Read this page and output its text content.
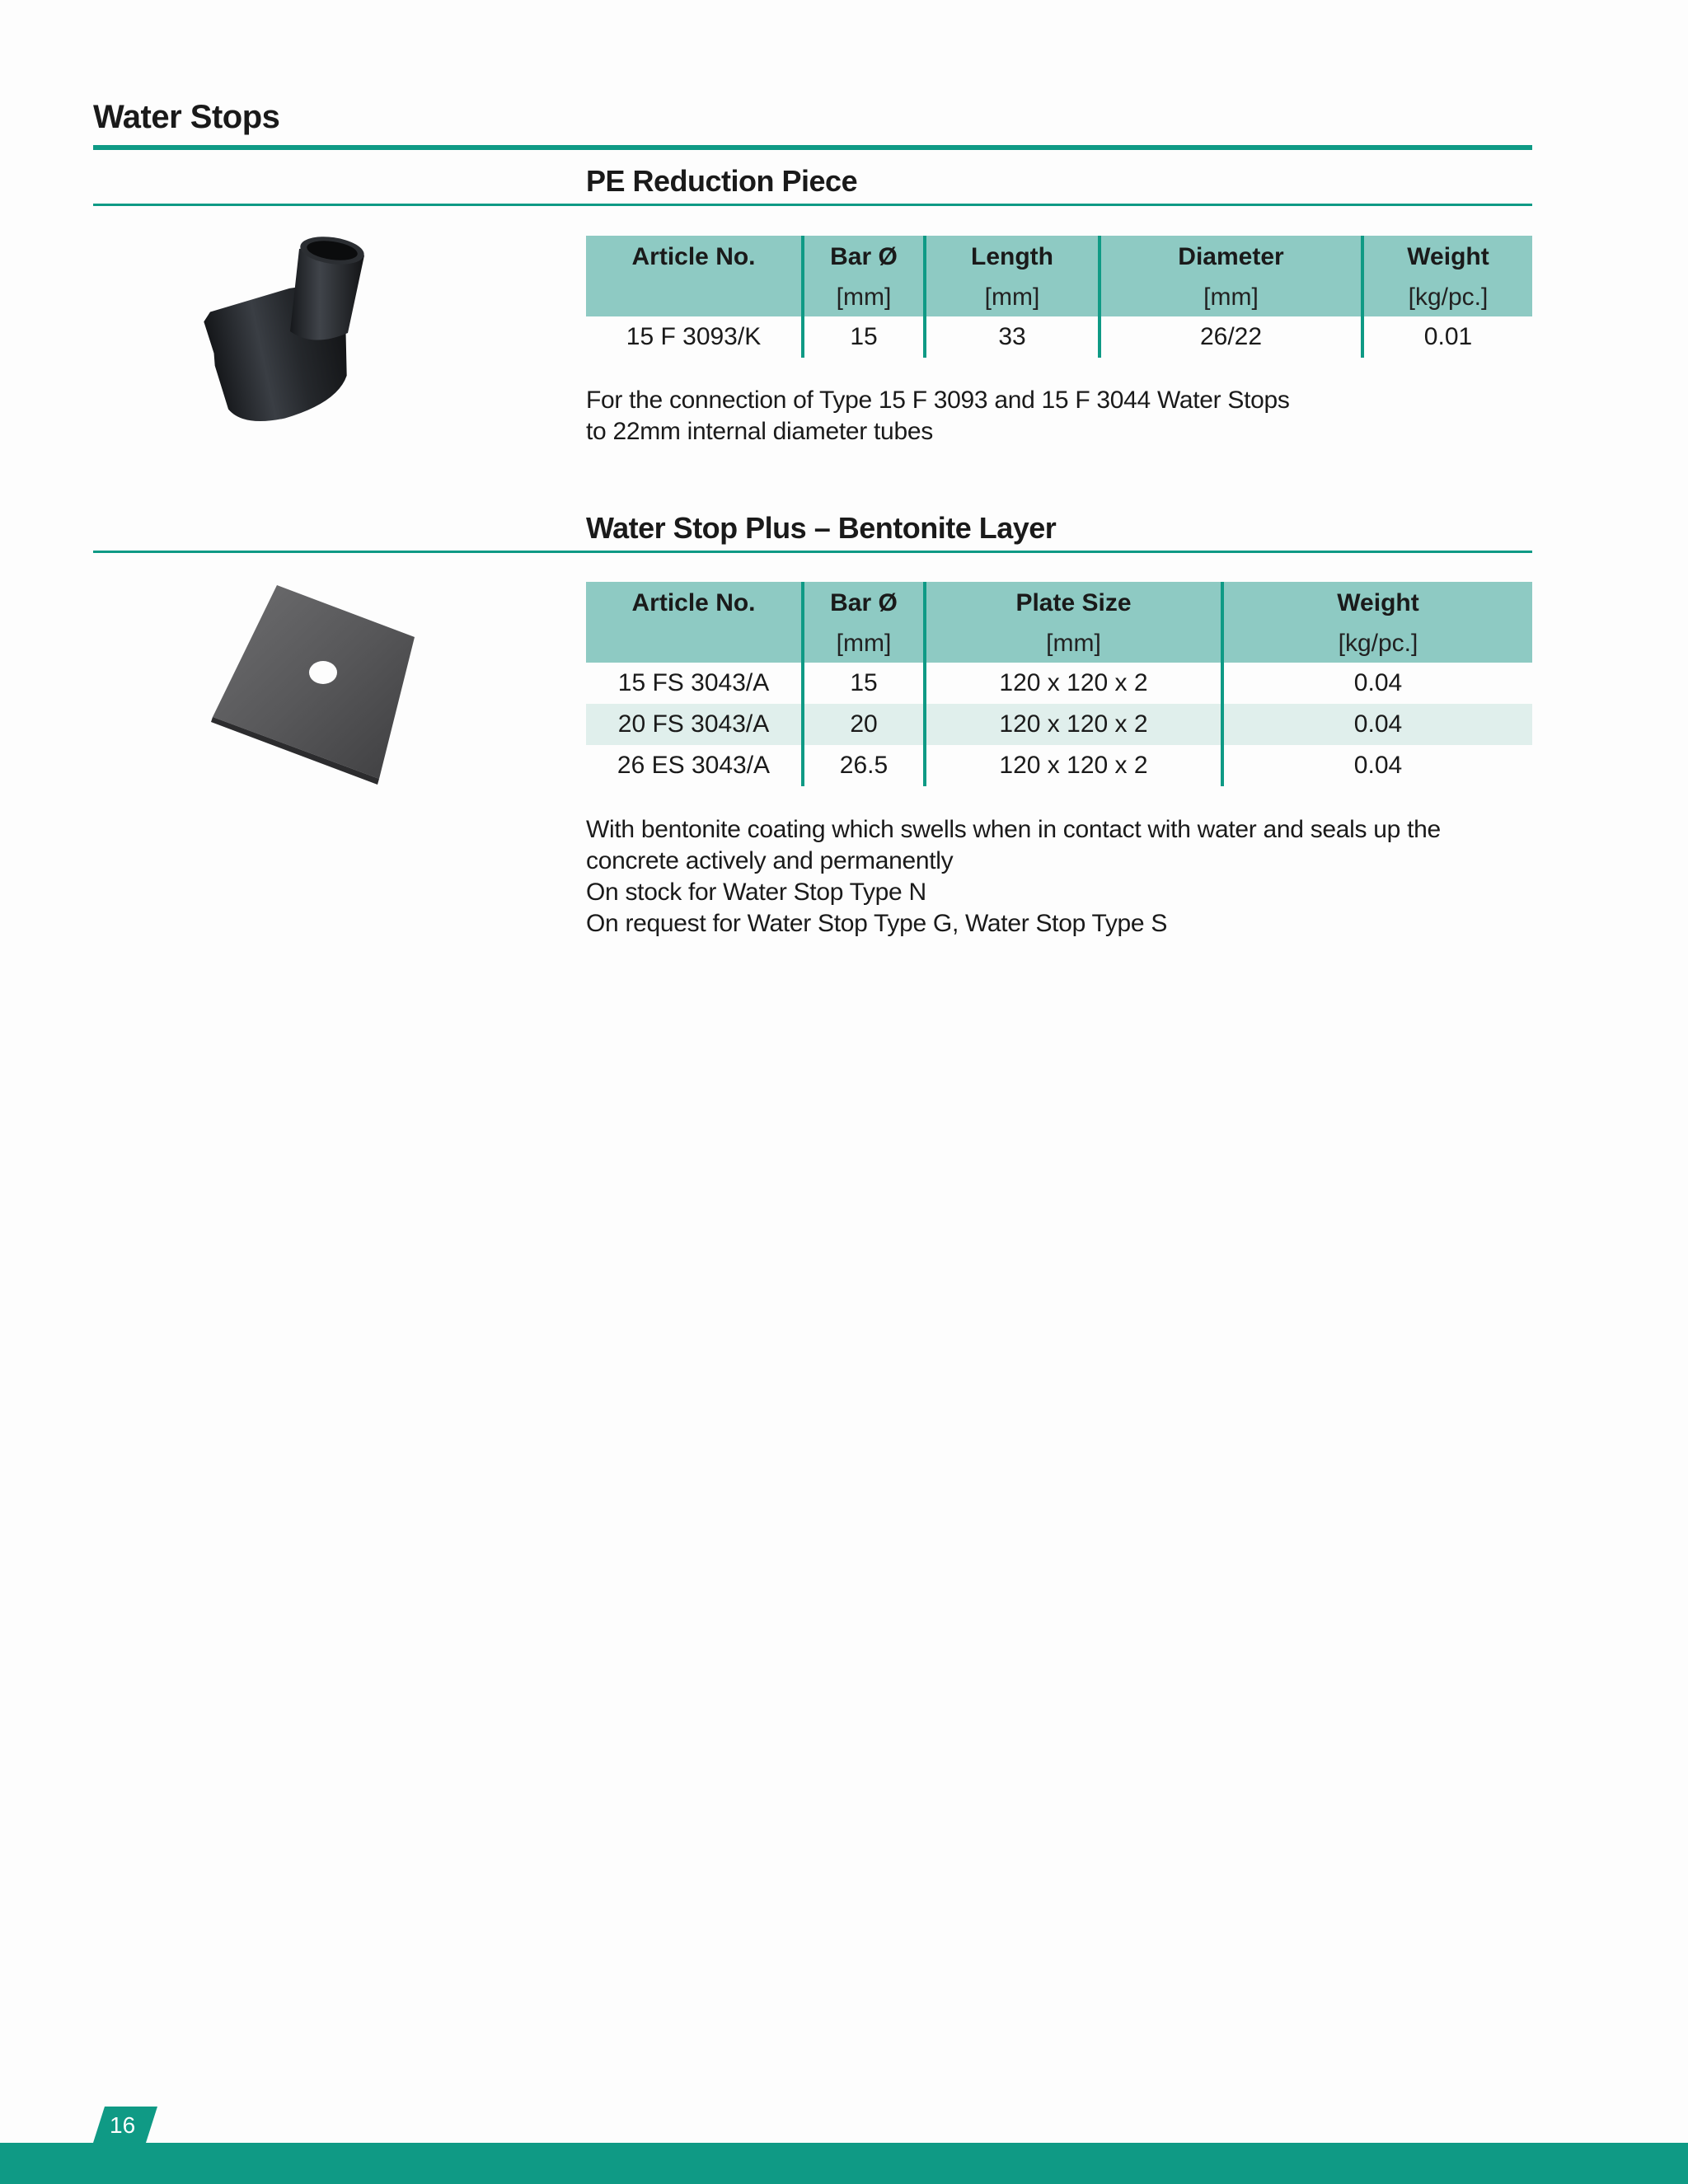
Water Stops
PE Reduction Piece
Article No.	Bar Ø	Length	Diameter	Weight
	[mm]	[mm]	[mm]	[kg/pc.]
15 F 3093/K	15	33	26/22	0.01
For the connection of Type 15 F 3093 and 15 F 3044 Water Stops
to 22mm internal diameter tubes
Water Stop Plus – Bentonite Layer
Article No.	Bar Ø	Plate Size	Weight
	[mm]	[mm]	[kg/pc.]
15 FS 3043/A	15	120 x 120 x 2	0.04
20 FS 3043/A	20	120 x 120 x 2	0.04
26 ES 3043/A	26.5	120 x 120 x 2	0.04
With bentonite coating which swells when in contact with water and seals up the
concrete actively and permanently
On stock for Water Stop Type N
On request for Water Stop Type G, Water Stop Type S
16
